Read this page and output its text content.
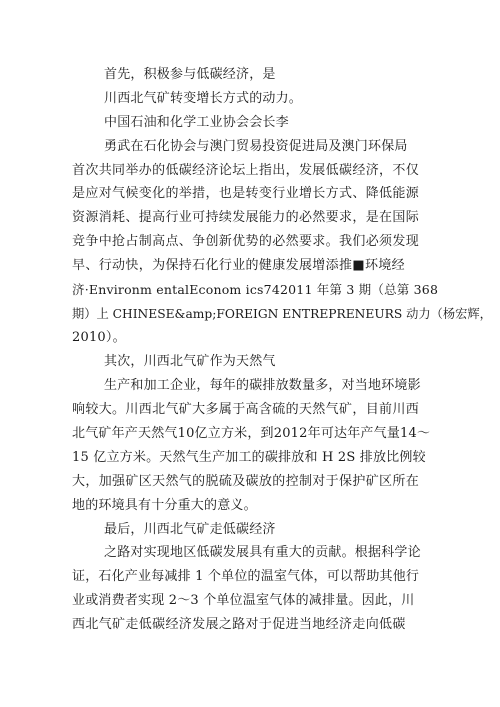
首先，积极参与低碳经济，是
川西北气矿转变增长方式的动力。
中国石油和化学工业协会会长李
勇武在石化协会与澳门贸易投资促进局及澳门环保局
首次共同举办的低碳经济论坛上指出，发展低碳经济，不仅
是应对气候变化的举措，也是转变行业增长方式、降低能源
资源消耗、提高行业可持续发展能力的必然要求，是在国际
竞争中抢占制高点、争创新优势的必然要求。我们必须发现
早、行动快，为保持石化行业的健康发展增添推■环境经
济·Environm entalEconom ics742011 年第 3 期（总第 368
期）上 CHINESE&amp;FOREIGN ENTREPRENEURS 动力（杨宏辉，
2010）。
其次，川西北气矿作为天然气
生产和加工企业，每年的碳排放数量多，对当地环境影
响较大。川西北气矿大多属于高含硫的天然气矿，目前川西
北气矿年产天然气10亿立方米，到2012年可达年产气量14～
15 亿立方米。天然气生产加工的碳排放和 H 2S 排放比例较
大，加强矿区天然气的脱硫及碳放的控制对于保护矿区所在
地的环境具有十分重大的意义。
最后，川西北气矿走低碳经济
之路对实现地区低碳发展具有重大的贡献。根据科学论
证，石化产业每减排 1 个单位的温室气体，可以帮助其他行
业或消费者实现 2～3 个单位温室气体的减排量。因此，川
西北气矿走低碳经济发展之路对于促进当地经济走向低碳
